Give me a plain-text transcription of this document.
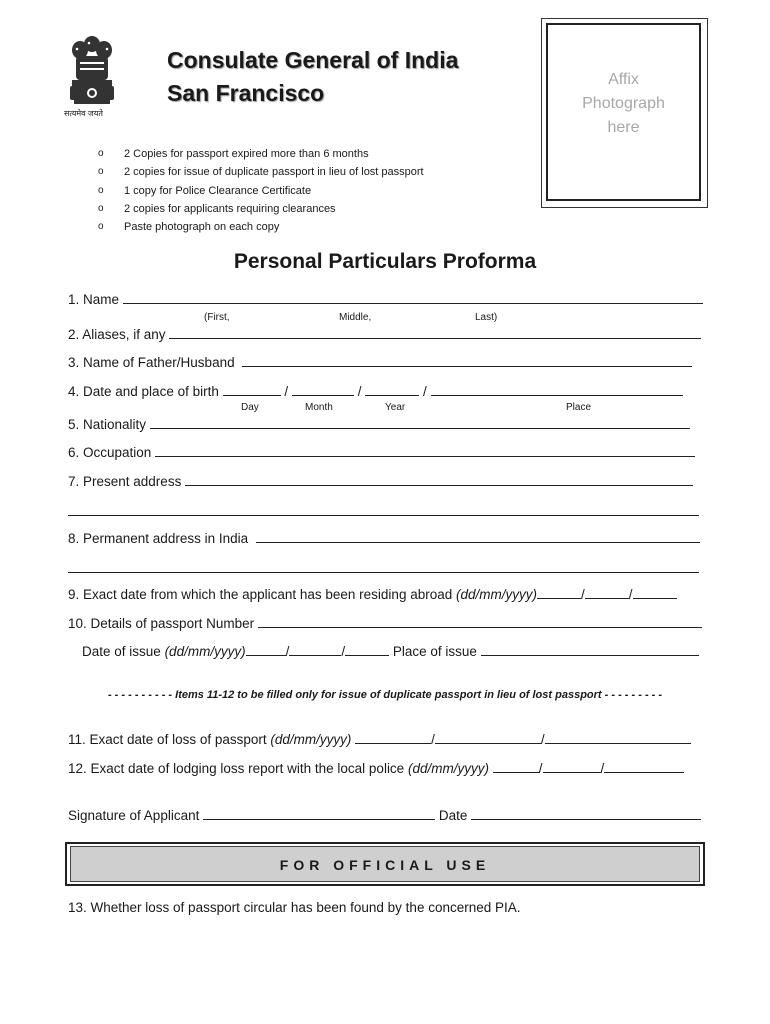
सत्यमेव जयते
Consulate General of India
San Francisco
Affix
Photograph
here
o	2 Copies for passport expired more than 6 months
o	2 copies for issue of duplicate passport in lieu of lost passport
o	1 copy for Police Clearance Certificate
o	2 copies for applicants requiring clearances
o	Paste photograph on each copy
Personal Particulars Proforma
1. Name
(First,	Middle,	Last)
2. Aliases, if any
3. Name of Father/Husband
4. Date and place of birth	/	/	/
Day	Month	Year	Place
5. Nationality
6. Occupation
7. Present address
8. Permanent address in India
9. Exact date from which the applicant has been residing abroad (dd/mm/yyyy)	/	/
10. Details of passport Number
Date of issue (dd/mm/yyyy)	/	/	Place of issue
- - - - - - - - - - Items 11-12 to be filled only for issue of duplicate passport in lieu of lost passport - - - - - - - - -
11. Exact date of loss of passport (dd/mm/yyyy)	/	/
12. Exact date of lodging loss report with the local police (dd/mm/yyyy)	/	/
Signature of Applicant	Date
FOR OFFICIAL USE
13. Whether loss of passport circular has been found by the concerned PIA.
